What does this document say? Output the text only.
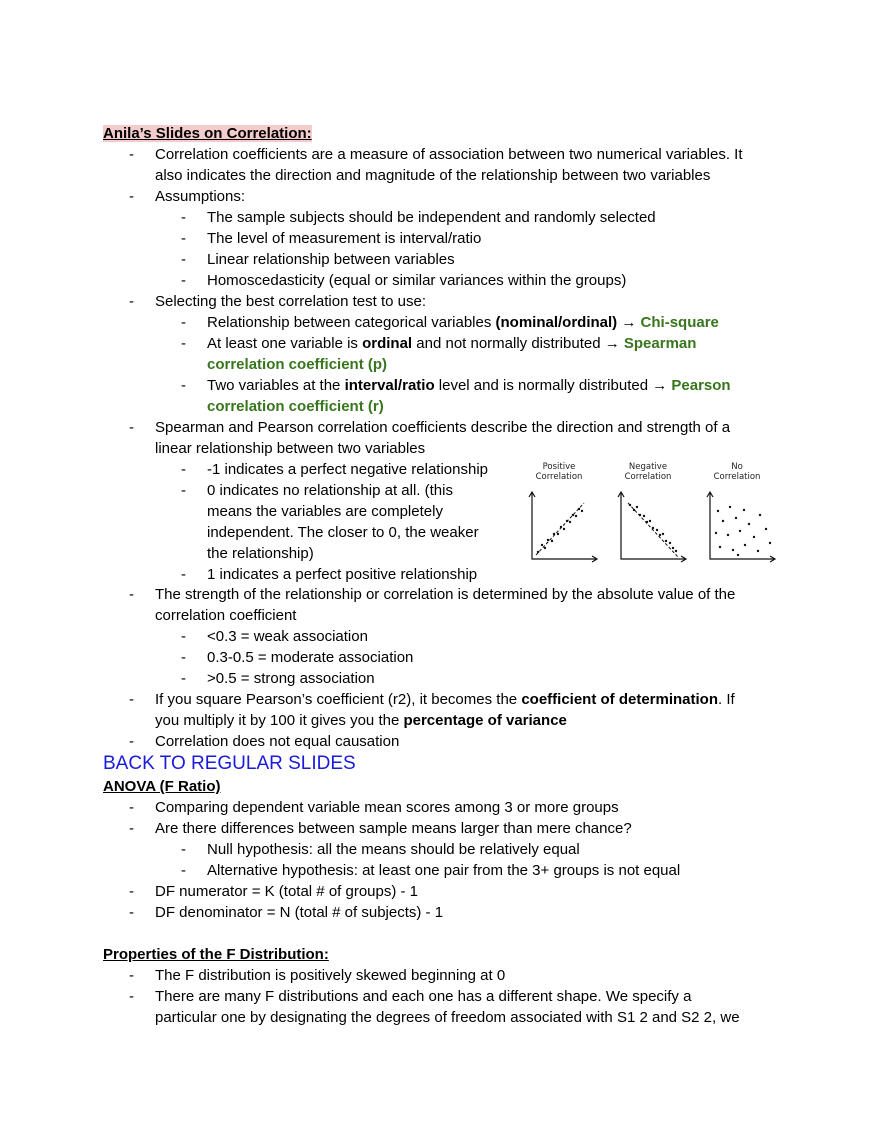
Anila’s Slides on Correlation:
- Correlation coefficients are a measure of association between two numerical variables. It
also indicates the direction and magnitude of the relationship between two variables
- Assumptions:
- The sample subjects should be independent and randomly selected
- The level of measurement is interval/ratio
- Linear relationship between variables
- Homoscedasticity (equal or similar variances within the groups)
- Selecting the best correlation test to use:
- Relationship between categorical variables (nominal/ordinal) → Chi-square
- At least one variable is ordinal and not normally distributed → Spearman
correlation coefficient (p)
- Two variables at the interval/ratio level and is normally distributed → Pearson
correlation coefficient (r)
- Spearman and Pearson correlation coefficients describe the direction and strength of a
linear relationship between two variables
- -1 indicates a perfect negative relationship
- 0 indicates no relationship at all. (this
means the variables are completely
independent. The closer to 0, the weaker
the relationship)
- 1 indicates a perfect positive relationship
Positive
Correlation
Negative
Correlation
No
Correlation
- The strength of the relationship or correlation is determined by the absolute value of the
correlation coefficient
- <0.3 = weak association
- 0.3-0.5 = moderate association
- >0.5 = strong association
- If you square Pearson’s coefficient (r2), it becomes the coefficient of determination. If
you multiply it by 100 it gives you the percentage of variance
- Correlation does not equal causation
BACK TO REGULAR SLIDES
ANOVA (F Ratio)
- Comparing dependent variable mean scores among 3 or more groups
- Are there differences between sample means larger than mere chance?
- Null hypothesis: all the means should be relatively equal
- Alternative hypothesis: at least one pair from the 3+ groups is not equal
- DF numerator = K (total # of groups) - 1
- DF denominator = N (total # of subjects) - 1
Properties of the F Distribution:
- The F distribution is positively skewed beginning at 0
- There are many F distributions and each one has a different shape. We specify a
particular one by designating the degrees of freedom associated with S1 2 and S2 2, we
